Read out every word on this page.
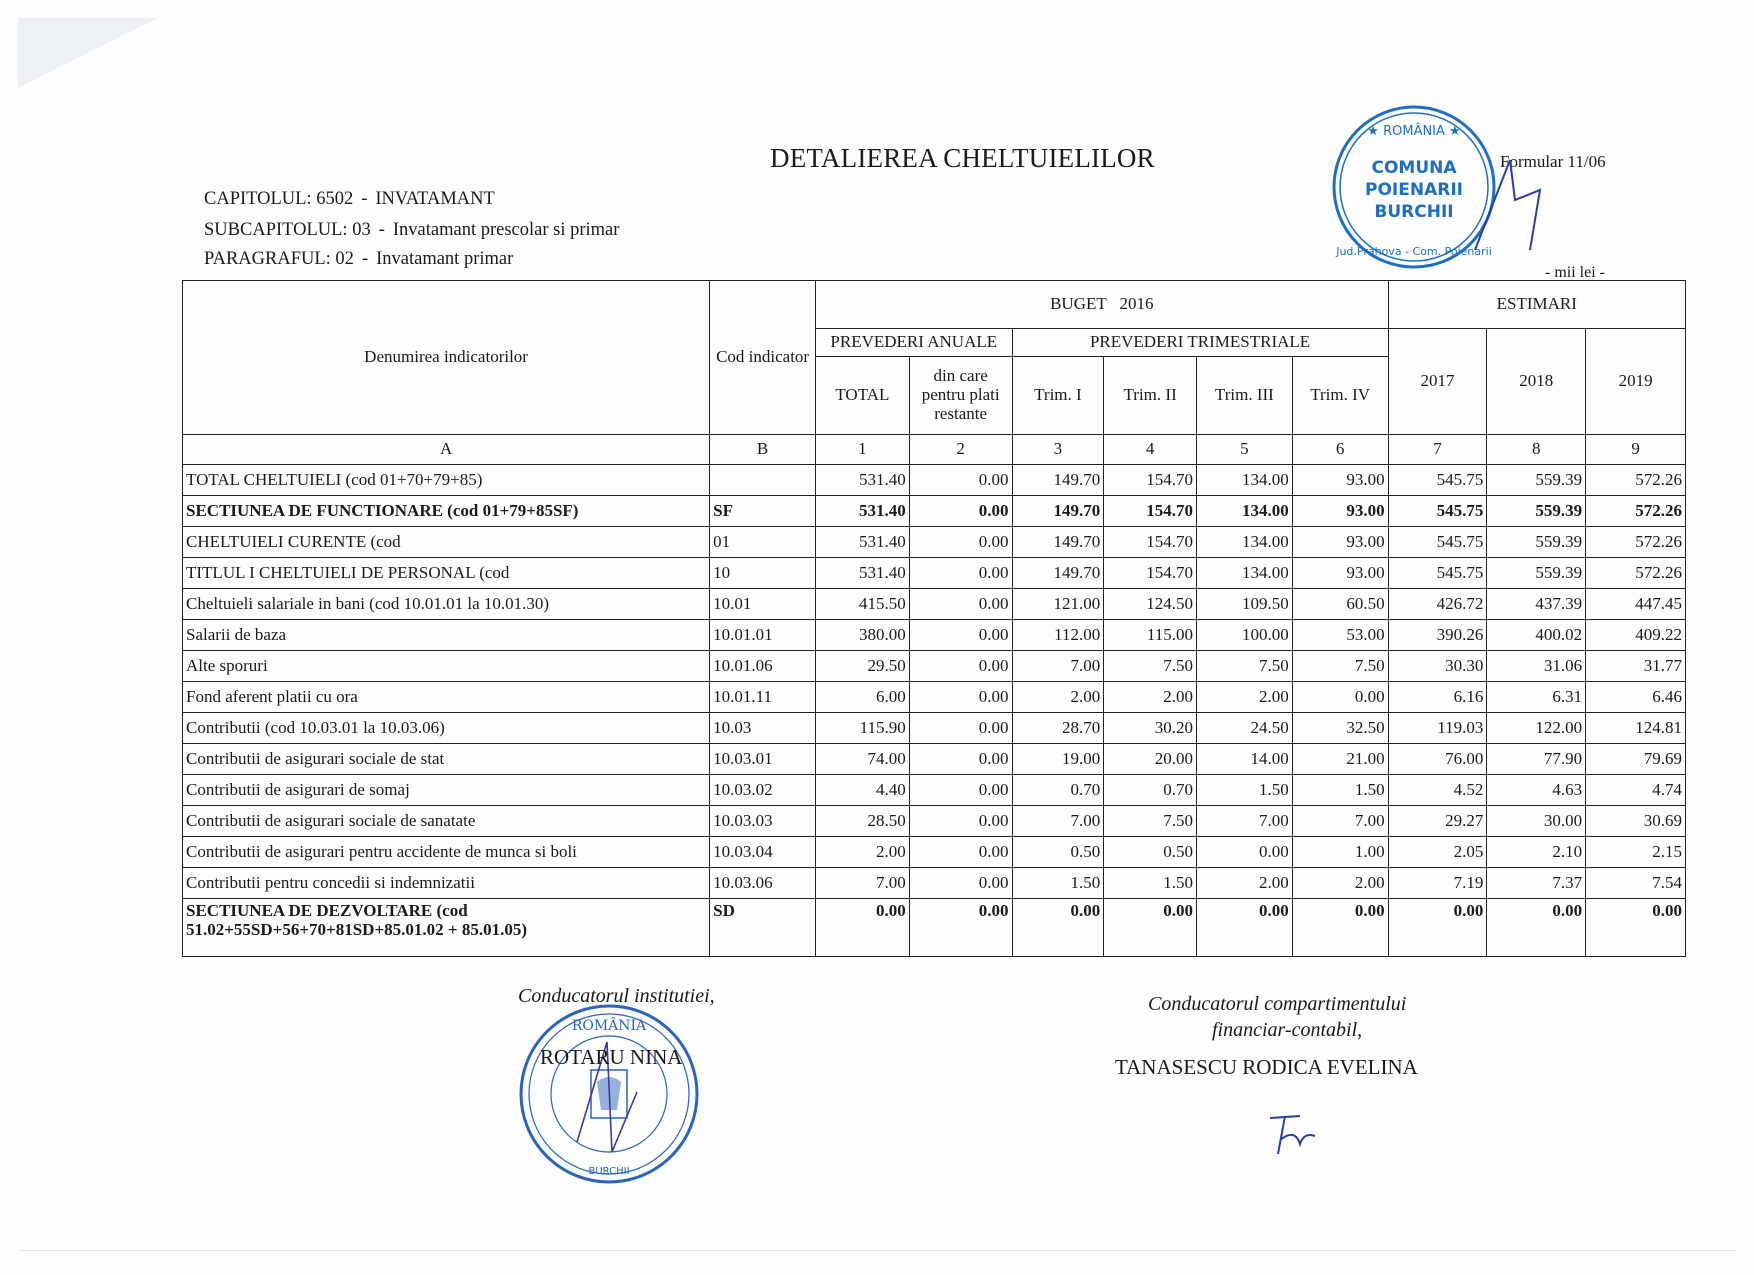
DETALIEREA CHELTUIELILOR
CAPITOLUL: 6502 - INVATAMANT
SUBCAPITOLUL: 03 - Invatamant prescolar si primar
PARAGRAFUL: 02 - Invatamant primar
Formular 11/06
- mii lei -
★ ROMÂNIA ★
COMUNA
POIENARII
BURCHII
Jud.Prahova - Com. Poienarii
Denumirea indicatorilor	Cod indicator	BUGET 2016						ESTIMARI		
		PREVEDERI ANUALE		PREVEDERI TRIMESTRIALE				2017	2018	2019
		TOTAL	din care pentru plati restante	Trim. I	Trim. II	Trim. III	Trim. IV			
A	B	1	2	3	4	5	6	7	8	9
TOTAL CHELTUIELI (cod 01+70+79+85)		531.40	0.00	149.70	154.70	134.00	93.00	545.75	559.39	572.26
SECTIUNEA DE FUNCTIONARE (cod 01+79+85SF)	SF	531.40	0.00	149.70	154.70	134.00	93.00	545.75	559.39	572.26
CHELTUIELI CURENTE (cod	01	531.40	0.00	149.70	154.70	134.00	93.00	545.75	559.39	572.26
TITLUL I CHELTUIELI DE PERSONAL (cod	10	531.40	0.00	149.70	154.70	134.00	93.00	545.75	559.39	572.26
Cheltuieli salariale in bani (cod 10.01.01 la 10.01.30)	10.01	415.50	0.00	121.00	124.50	109.50	60.50	426.72	437.39	447.45
Salarii de baza	10.01.01	380.00	0.00	112.00	115.00	100.00	53.00	390.26	400.02	409.22
Alte sporuri	10.01.06	29.50	0.00	7.00	7.50	7.50	7.50	30.30	31.06	31.77
Fond aferent platii cu ora	10.01.11	6.00	0.00	2.00	2.00	2.00	0.00	6.16	6.31	6.46
Contributii (cod 10.03.01 la 10.03.06)	10.03	115.90	0.00	28.70	30.20	24.50	32.50	119.03	122.00	124.81
Contributii de asigurari sociale de stat	10.03.01	74.00	0.00	19.00	20.00	14.00	21.00	76.00	77.90	79.69
Contributii de asigurari de somaj	10.03.02	4.40	0.00	0.70	0.70	1.50	1.50	4.52	4.63	4.74
Contributii de asigurari sociale de sanatate	10.03.03	28.50	0.00	7.00	7.50	7.00	7.00	29.27	30.00	30.69
Contributii de asigurari pentru accidente de munca si boli	10.03.04	2.00	0.00	0.50	0.50	0.00	1.00	2.05	2.10	2.15
Contributii pentru concedii si indemnizatii	10.03.06	7.00	0.00	1.50	1.50	2.00	2.00	7.19	7.37	7.54
SECTIUNEA DE DEZVOLTARE (cod 51.02+55SD+56+70+81SD+85.01.02 + 85.01.05)	SD	0.00	0.00	0.00	0.00	0.00	0.00	0.00	0.00	0.00
Conducatorul institutiei,
ROMÂNIA
BURCHII
ROTARU NINA
Conducatorul compartimentului
financiar-contabil,
TANASESCU RODICA EVELINA
